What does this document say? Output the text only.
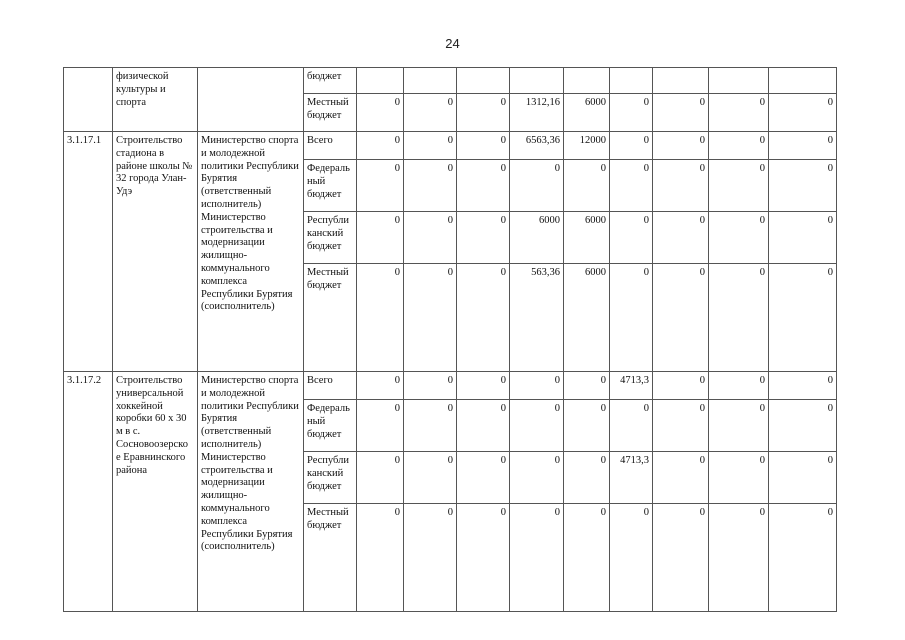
24
	физической культуры и спорта		бюджет									
			Местный бюджет	0	0	0	1312,16	6000	0	0	0	0
3.1.17.1	Строительство стадиона в районе школы № 32 города Улан-Удэ	Министерство спорта и молодежной политики Республики Бурятия (ответственный исполнитель) Министерство строительства и модернизации жилищно-коммунального комплекса Республики Бурятия (соисполнитель)	Всего	0	0	0	6563,36	12000	0	0	0	0
			Федераль ный бюджет	0	0	0	0	0	0	0	0	0
			Республи канский бюджет	0	0	0	6000	6000	0	0	0	0
			Местный бюджет	0	0	0	563,36	6000	0	0	0	0
3.1.17.2	Строительство универсальной хоккейной коробки 60 x 30 м в с. Сосновоозерско е Еравнинского района	Министерство спорта и молодежной политики Республики Бурятия (ответственный исполнитель) Министерство строительства и модернизации жилищно-коммунального комплекса Республики Бурятия (соисполнитель)	Всего	0	0	0	0	0	4713,3	0	0	0
			Федераль ный бюджет	0	0	0	0	0	0	0	0	0
			Республи канский бюджет	0	0	0	0	0	4713,3	0	0	0
			Местный бюджет	0	0	0	0	0	0	0	0	0
